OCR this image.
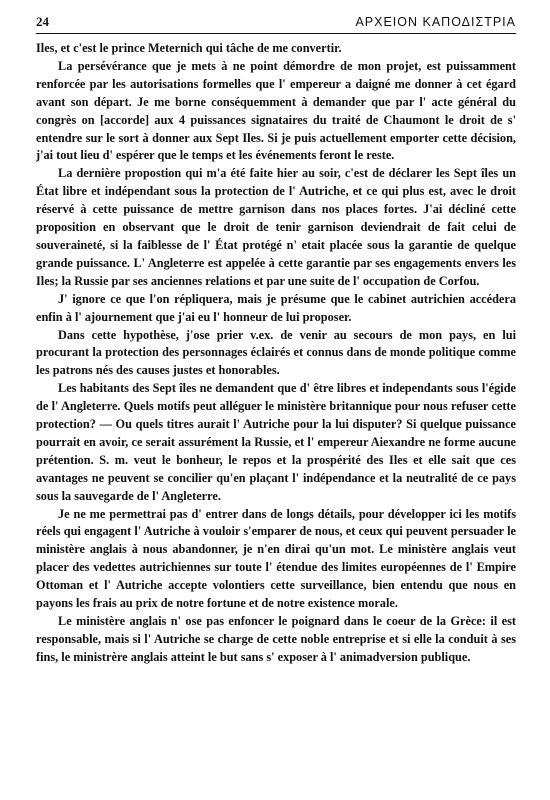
24	ΑΡΧΕΙΟΝ ΚΑΠΟΔΙΣΤΡΙΑ

Iles, et c'est le prince Meternich qui tâche de me convertir.

La persévérance que je mets à ne point démordre de mon projet, est puissamment renforcée par les autorisations formelles que l' empereur a daigné me donner à cet égard avant son départ. Je me borne conséquemment à demander que par l' acte général du congrès on [accorde] aux 4 puissances signataires du traité de Chaumont le droit de s' entendre sur le sort à donner aux Sept Iles. Si je puis actuellement emporter cette décision, j'ai tout lieu d' espérer que le temps et les événements feront le reste.

La dernière propostion qui m'a été faite hier au soir, c'est de déclarer les Sept îles un État libre et indépendant sous la protection de l' Autriche, et ce qui plus est, avec le droit réservé à cette puissance de mettre garnison dans nos places fortes. J'ai décliné cette proposition en observant que le droit de tenir garnison deviendrait de fait celui de souveraineté, si la faiblesse de l' État protégé n' etait placée sous la garantie de quelque grande puissance. L' Angleterre est appelée à cette garantie par ses engagements envers les Iles; la Russie par ses anciennes relations et par une suite de l' occupation de Corfou.

J' ignore ce que l'on répliquera, mais je présume que le cabinet autrichien accédera enfin à l' ajournement que j'ai eu l' honneur de lui proposer.

Dans cette hypothèse, j'ose prier v.ex. de venir au secours de mon pays, en lui procurant la protection des personnages éclairés et connus dans de monde politique comme les patrons nés des causes justes et honorables.

Les habitants des Sept îles ne demandent que d' être libres et independants sous l'égide de l' Angleterre. Quels motifs peut alléguer le ministère britannique pour nous refuser cette protection? — Ou quels titres aurait l' Autriche pour la lui disputer? Si quelque puissance pourrait en avoir, ce serait assurément la Russie, et l' empereur Aiexandre ne forme aucune prétention. S. m. veut le bonheur, le repos et la prospérité des Iles et elle sait que ces avantages ne peuvent se concilier qu'en plaçant l' indépendance et la neutralité de ce pays sous la sauvegarde de l' Angleterre.

Je ne me permettrai pas d' entrer dans de longs détails, pour développer ici les motifs réels qui engagent l' Autriche à vouloir s'emparer de nous, et ceux qui peuvent persuader le ministère anglais à nous abandonner, je n'en dirai qu'un mot. Le ministère anglais veut placer des vedettes autrichiennes sur toute l' étendue des limites européennes de l' Empire Ottoman et l' Autriche accepte volontiers cette surveillance, bien entendu que nous en payons les frais au prix de notre fortune et de notre existence morale.

Le ministère anglais n' ose pas enfoncer le poignard dans le coeur de la Grèce: il est responsable, mais si l' Autriche se charge de cette noble entreprise et si elle la conduit à ses fins, le ministrère anglais atteint le but sans s' exposer à l' animadversion publique.
